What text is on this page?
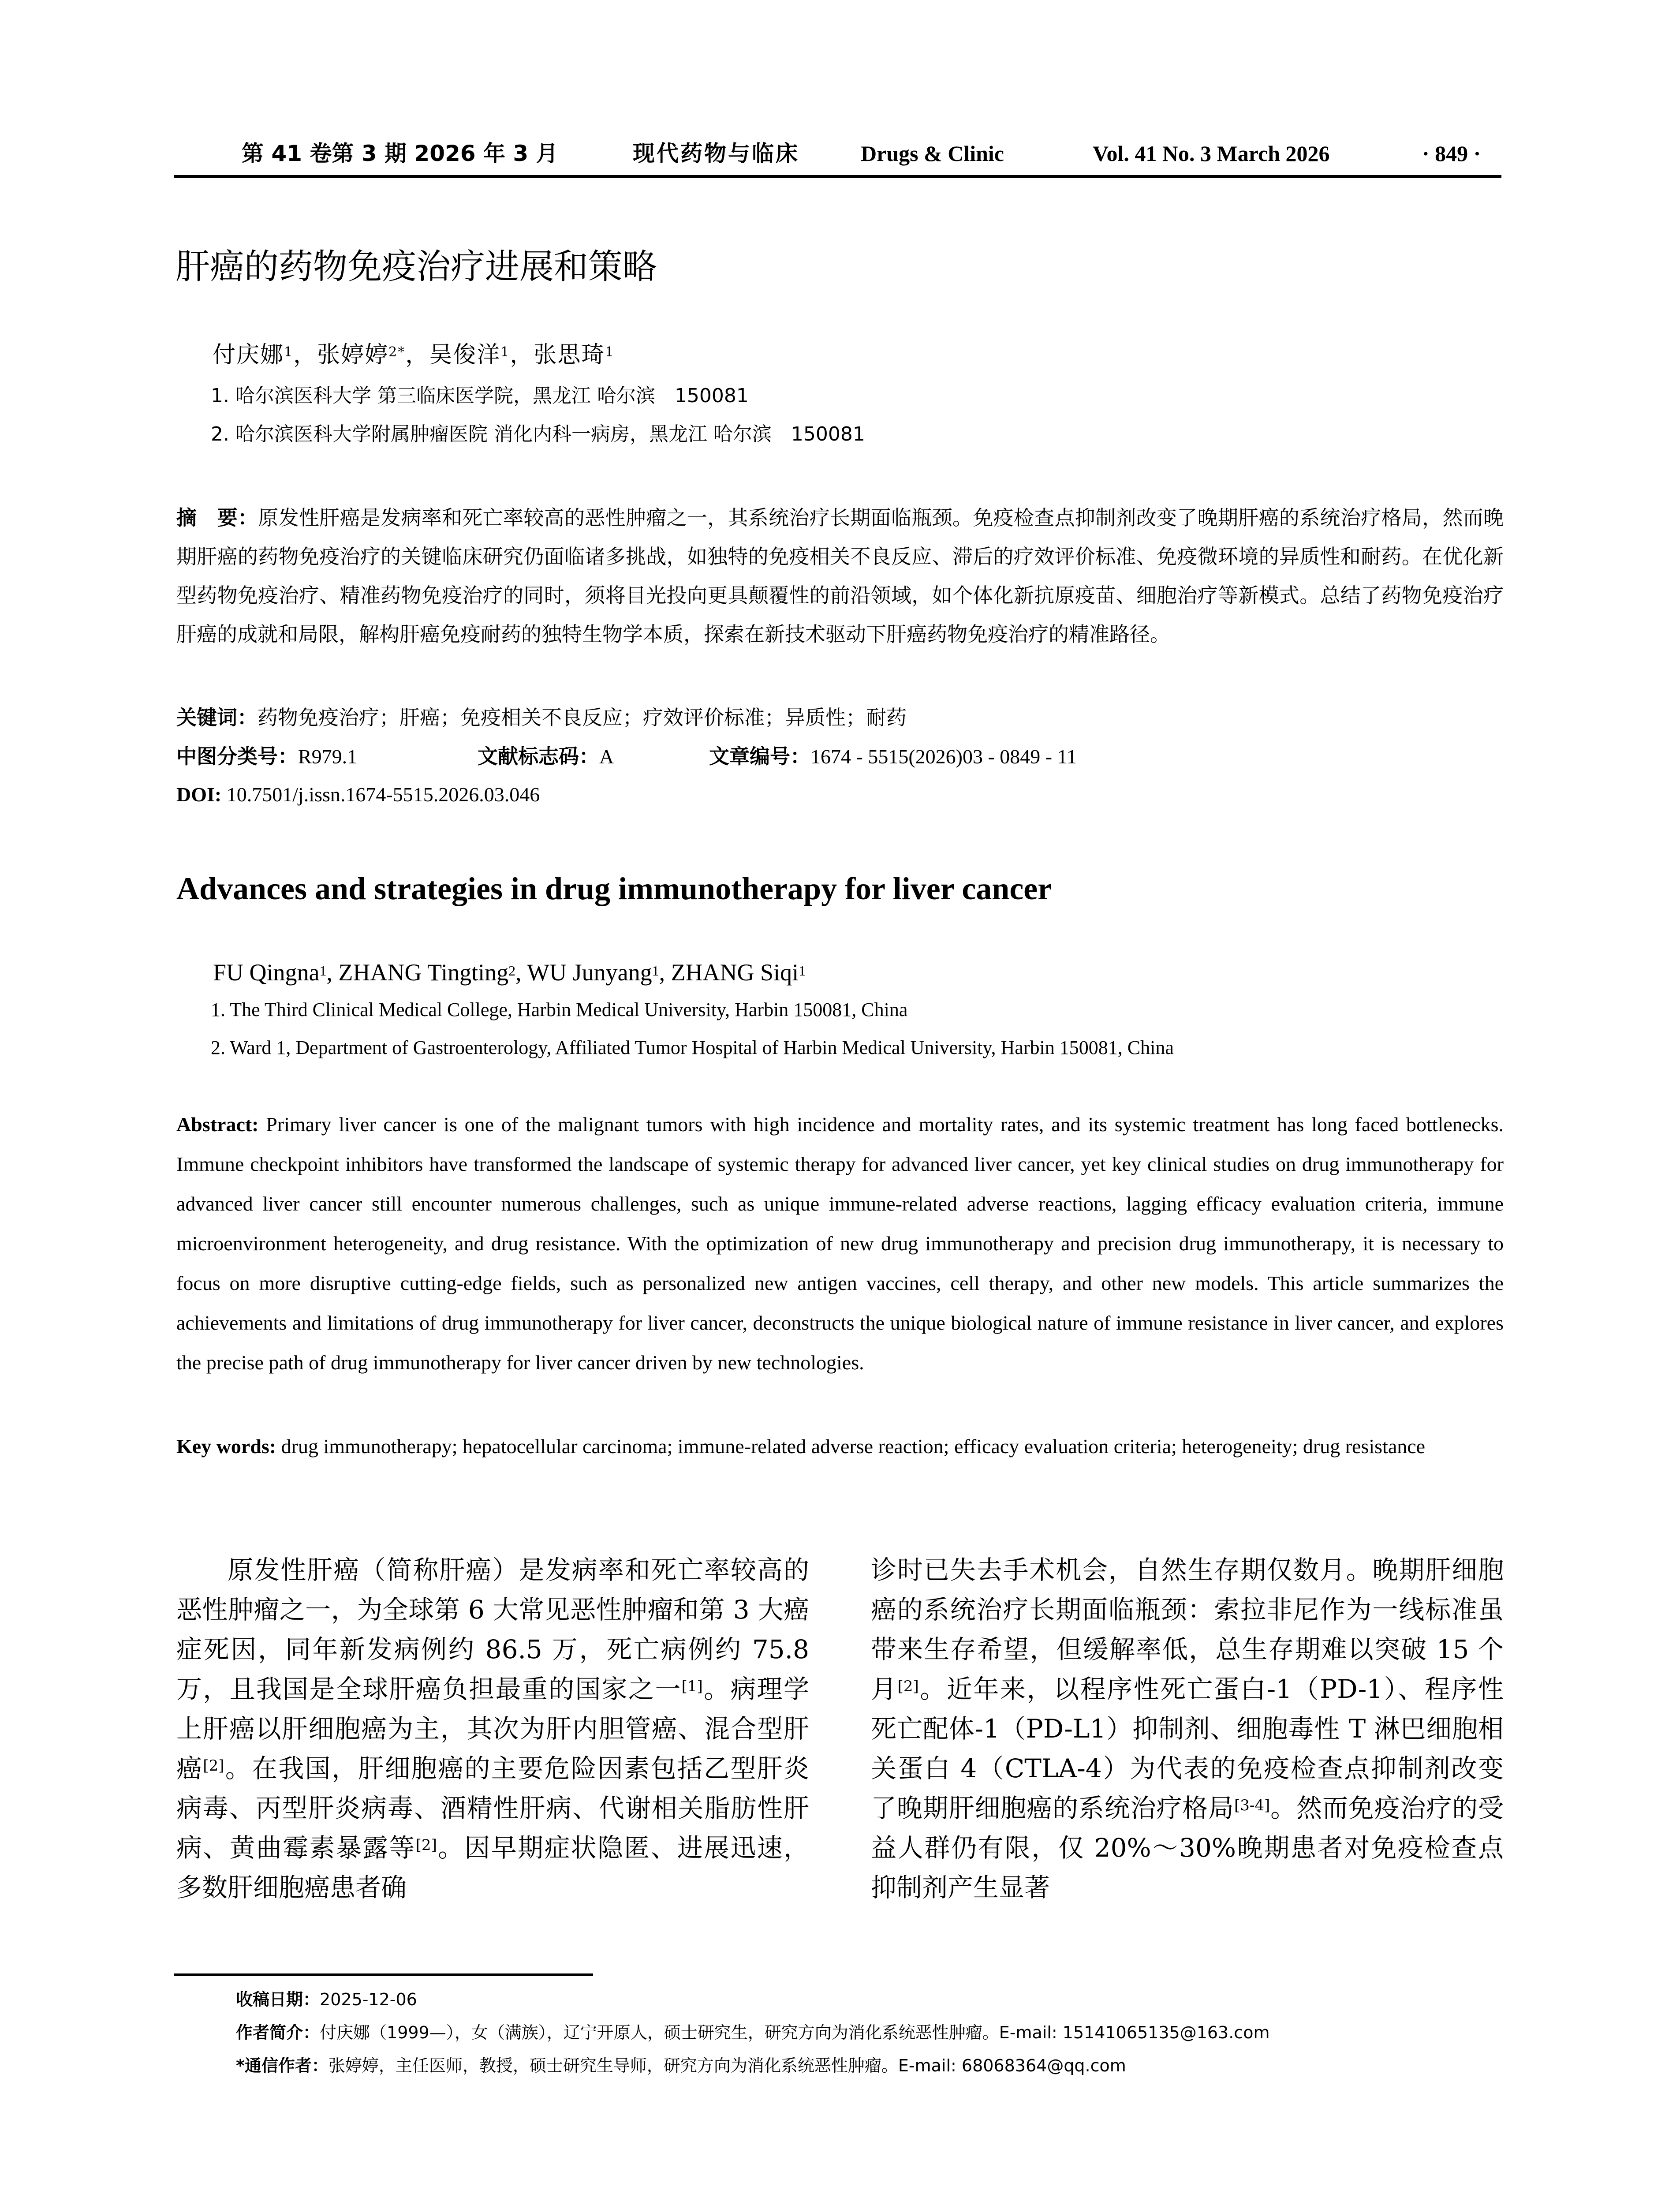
第 41 卷第 3 期 2026 年 3 月	现代药物与临床	Drugs & Clinic	Vol. 41 No. 3 March 2026	· 849 ·
肝癌的药物免疫治疗进展和策略
付庆娜$^1$，张婷婷$^{2*}$，吴俊洋$^1$，张思琦$^1$
1. 哈尔滨医科大学 第三临床医学院，黑龙江 哈尔滨　150081
2. 哈尔滨医科大学附属肿瘤医院 消化内科一病房，黑龙江 哈尔滨　150081
摘　要：原发性肝癌是发病率和死亡率较高的恶性肿瘤之一，其系统治疗长期面临瓶颈。免疫检查点抑制剂改变了晚期肝癌的系统治疗格局，然而晚期肝癌的药物免疫治疗的关键临床研究仍面临诸多挑战，如独特的免疫相关不良反应、滞后的疗效评价标准、免疫微环境的异质性和耐药。在优化新型药物免疫治疗、精准药物免疫治疗的同时，须将目光投向更具颠覆性的前沿领域，如个体化新抗原疫苗、细胞治疗等新模式。总结了药物免疫治疗肝癌的成就和局限，解构肝癌免疫耐药的独特生物学本质，探索在新技术驱动下肝癌药物免疫治疗的精准路径。
关键词：药物免疫治疗；肝癌；免疫相关不良反应；疗效评价标准；异质性；耐药
中图分类号：R979.1	文献标志码：A	文章编号：1674 - 5515(2026)03 - 0849 - 11
DOI: 10.7501/j.issn.1674-5515.2026.03.046
Advances and strategies in drug immunotherapy for liver cancer
FU Qingna$^1$, ZHANG Tingting$^2$, WU Junyang$^1$, ZHANG Siqi$^1$
1. The Third Clinical Medical College, Harbin Medical University, Harbin 150081, China
2. Ward 1, Department of Gastroenterology, Affiliated Tumor Hospital of Harbin Medical University, Harbin 150081, China
Abstract: Primary liver cancer is one of the malignant tumors with high incidence and mortality rates, and its systemic treatment has long faced bottlenecks. Immune checkpoint inhibitors have transformed the landscape of systemic therapy for advanced liver cancer, yet key clinical studies on drug immunotherapy for advanced liver cancer still encounter numerous challenges, such as unique immune-related adverse reactions, lagging efficacy evaluation criteria, immune microenvironment heterogeneity, and drug resistance. With the optimization of new drug immunotherapy and precision drug immunotherapy, it is necessary to focus on more disruptive cutting-edge fields, such as personalized new antigen vaccines, cell therapy, and other new models. This article summarizes the achievements and limitations of drug immunotherapy for liver cancer, deconstructs the unique biological nature of immune resistance in liver cancer, and explores the precise path of drug immunotherapy for liver cancer driven by new technologies.
Key words: drug immunotherapy; hepatocellular carcinoma; immune-related adverse reaction; efficacy evaluation criteria; heterogeneity; drug resistance
原发性肝癌（简称肝癌）是发病率和死亡率较高的恶性肿瘤之一，为全球第 6 大常见恶性肿瘤和第 3 大癌症死因，同年新发病例约 86.5 万，死亡病例约 75.8 万，且我国是全球肝癌负担最重的国家之一[1]。病理学上肝癌以肝细胞癌为主，其次为肝内胆管癌、混合型肝癌[2]。在我国，肝细胞癌的主要危险因素包括乙型肝炎病毒、丙型肝炎病毒、酒精性肝病、代谢相关脂肪性肝病、黄曲霉素暴露等[2]。因早期症状隐匿、进展迅速，多数肝细胞癌患者确
诊时已失去手术机会，自然生存期仅数月。晚期肝细胞癌的系统治疗长期面临瓶颈：索拉非尼作为一线标准虽带来生存希望，但缓解率低，总生存期难以突破 15 个月[2]。近年来，以程序性死亡蛋白-1（PD-1）、程序性死亡配体-1（PD-L1）抑制剂、细胞毒性 T 淋巴细胞相关蛋白 4（CTLA-4）为代表的免疫检查点抑制剂改变了晚期肝细胞癌的系统治疗格局[3-4]。然而免疫治疗的受益人群仍有限，仅 20%～30%晚期患者对免疫检查点抑制剂产生显著
收稿日期：2025-12-06
作者简介：付庆娜（1999—），女（满族），辽宁开原人，硕士研究生，研究方向为消化系统恶性肿瘤。E-mail: 15141065135@163.com
*通信作者：张婷婷，主任医师，教授，硕士研究生导师，研究方向为消化系统恶性肿瘤。E-mail: 68068364@qq.com
